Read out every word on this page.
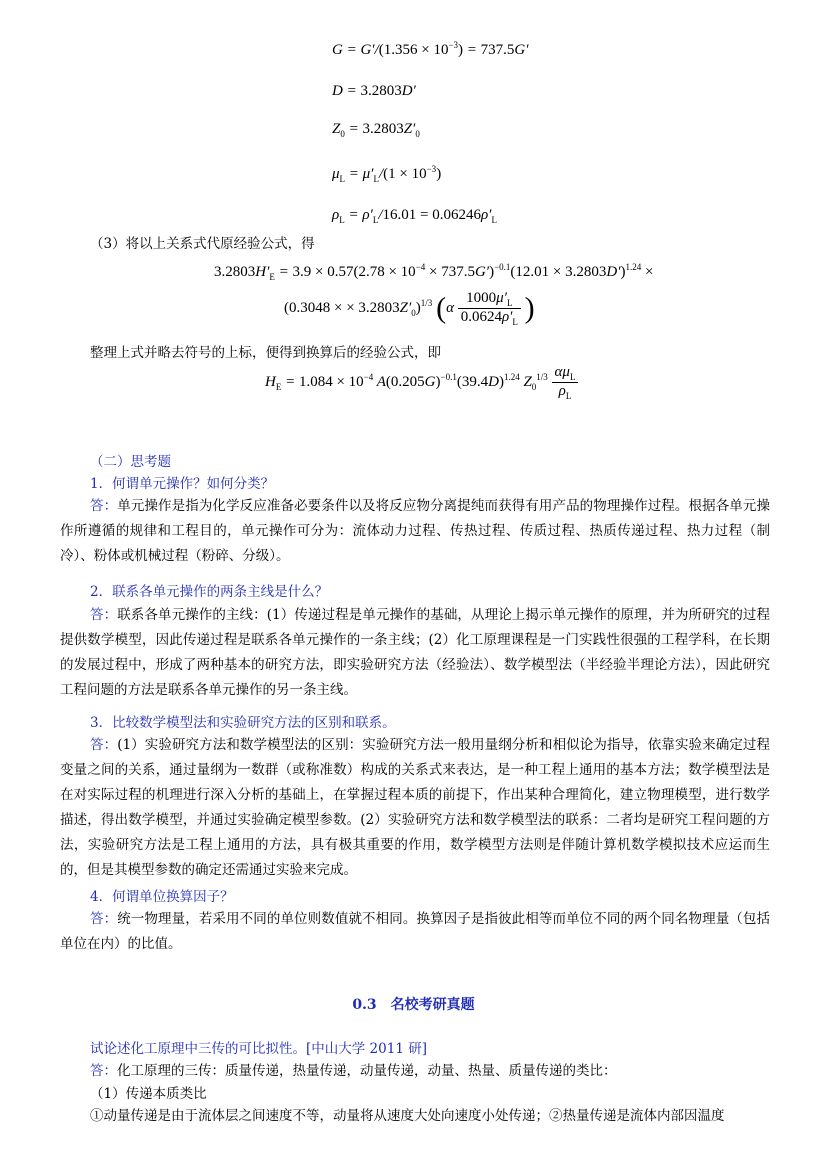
$G = G'/(1.356 \times 10^{-3}) = 737.5G'$
D = 3.2803D′
$Z_0 = 3.2803Z'_0$
$\mu_L = \mu'_L/(1 \times 10^{-3})$
$\rho_L = \rho'_L/16.01 = 0.06246\rho'_L$
（3）将以上关系式代原经验公式，得
$3.2803H'_E = 3.9 \times 0.57(2.78 \times 10^{-4} \times 737.5G')^{-0.1}(12.01 \times 3.2803D')^{1.24}$ ×
(0.3048 × × $3.2803Z'_0)^{1/3}$ ($\alpha \frac{1000\mu'_L}{0.0624\rho'_L}$ )
整理上式并略去符号的上标，便得到换算后的经验公式，即
$H_E = 1.084 \times 10^{-4}$ $A(0.205G)^{-0.1}(39.4D)^{1.24}$ $Z_0^{1/3} \frac{\alpha\mu_L}{\rho_L}$
（二）思考题
1．何谓单元操作？如何分类？
答：单元操作是指为化学反应准备必要条件以及将反应物分离提纯而获得有用产品的物理操作过程。根据各单元操作所遵循的规律和工程目的，单元操作可分为：流体动力过程、传热过程、传质过程、热质传递过程、热力过程（制冷）、粉体或机械过程（粉碎、分级）。
2．联系各单元操作的两条主线是什么？
答：联系各单元操作的主线：(1）传递过程是单元操作的基础，从理论上揭示单元操作的原理，并为所研究的过程提供数学模型，因此传递过程是联系各单元操作的一条主线；(2）化工原理课程是一门实践性很强的工程学科，在长期的发展过程中，形成了两种基本的研究方法，即实验研究方法（经验法）、数学模型法（半经验半理论方法），因此研究工程问题的方法是联系各单元操作的另一条主线。
3．比较数学模型法和实验研究方法的区别和联系。
答：(1）实验研究方法和数学模型法的区别：实验研究方法一般用量纲分析和相似论为指导，依靠实验来确定过程变量之间的关系，通过量纲为一数群（或称准数）构成的关系式来表达，是一种工程上通用的基本方法；数学模型法是在对实际过程的机理进行深入分析的基础上，在掌握过程本质的前提下，作出某种合理简化，建立物理模型，进行数学描述，得出数学模型，并通过实验确定模型参数。(2）实验研究方法和数学模型法的联系：二者均是研究工程问题的方法，实验研究方法是工程上通用的方法，具有极其重要的作用，数学模型方法则是伴随计算机数学模拟技术应运而生的，但是其模型参数的确定还需通过实验来完成。
4．何谓单位换算因子？
答：统一物理量，若采用不同的单位则数值就不相同。换算因子是指彼此相等而单位不同的两个同名物理量（包括单位在内）的比值。
0.3　名校考研真题
试论述化工原理中三传的可比拟性。[中山大学 2011 研]
答：化工原理的三传：质量传递，热量传递，动量传递，动量、热量、质量传递的类比：
（1）传递本质类比
①动量传递是由于流体层之间速度不等，动量将从速度大处向速度小处传递；②热量传递是流体内部因温度
